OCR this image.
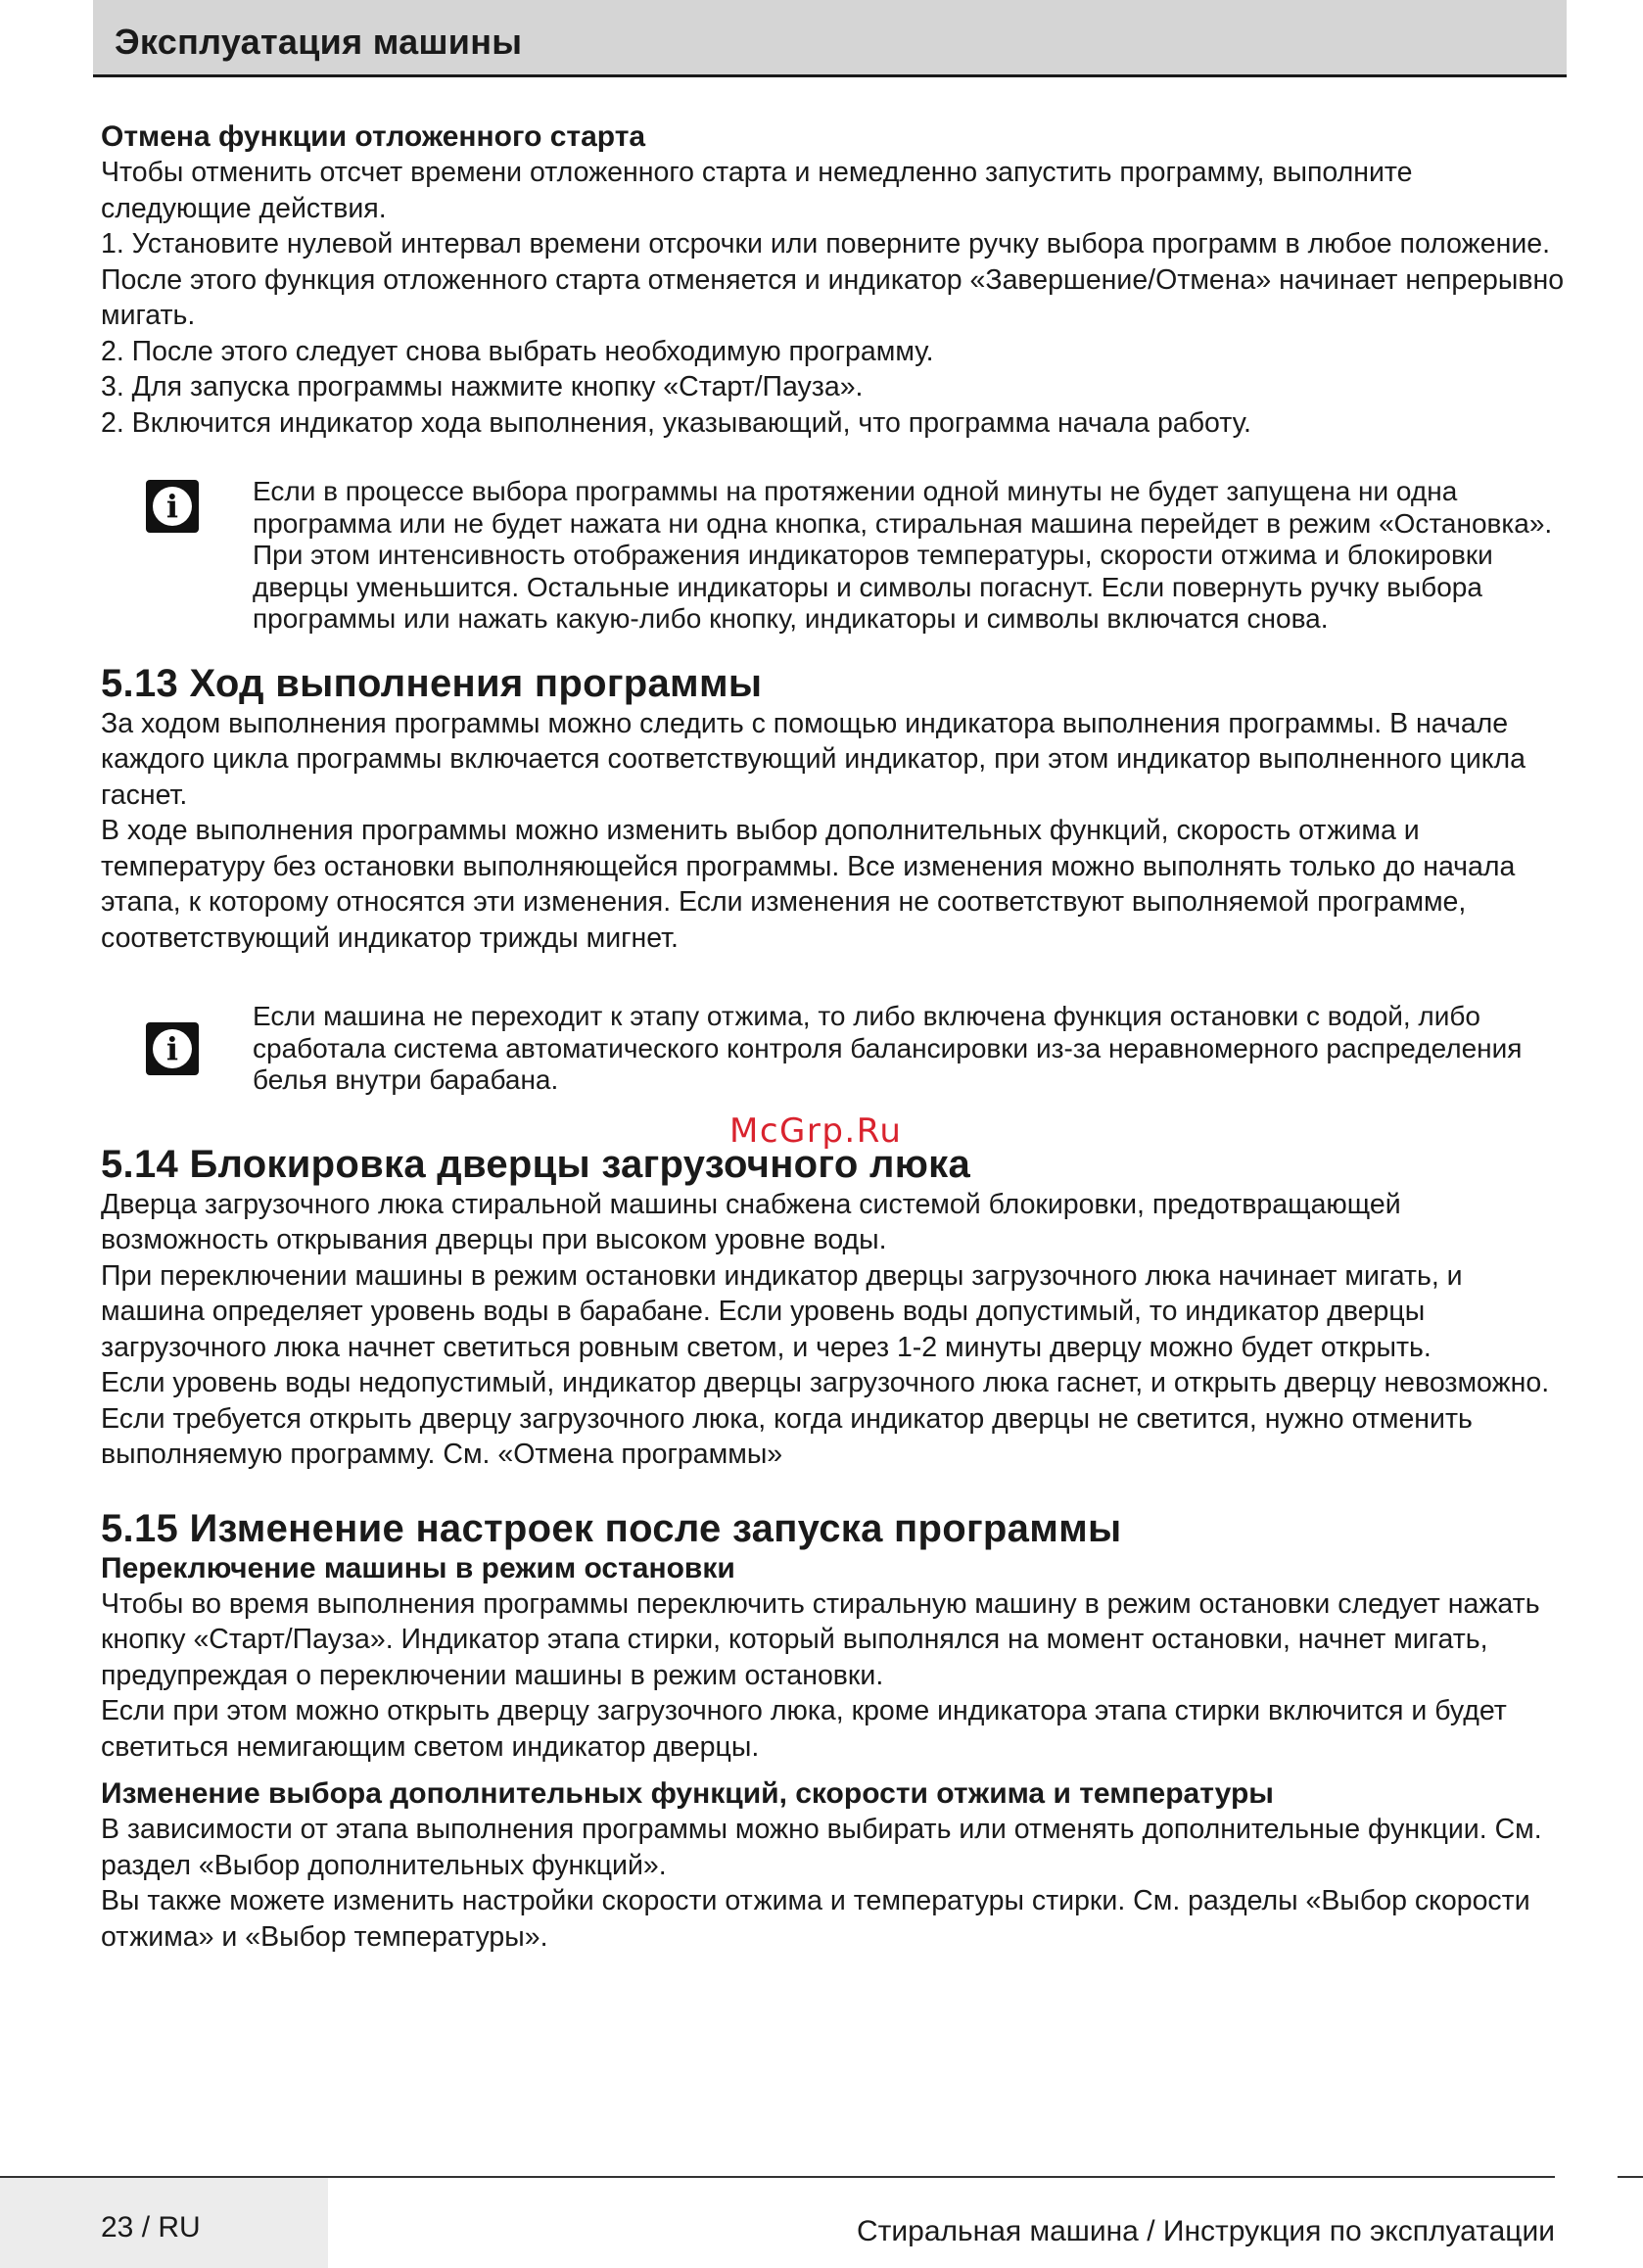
Эксплуатация машины
Отмена функции отложенного старта

Чтобы отменить отсчет времени отложенного старта и немедленно запустить программу, выполните следующие действия.

1. Установите нулевой интервал времени отсрочки или поверните ручку выбора программ в любое положение. После этого функция отложенного старта отменяется и индикатор «Завершение/Отмена» начинает непрерывно мигать.

2. После этого следует снова выбрать необходимую программу.

3. Для запуска программы нажмите кнопку «Старт/Пауза».

2. Включится индикатор хода выполнения, указывающий, что программа начала работу.

i	Если в процессе выбора программы на протяжении одной минуты не будет запущена ни одна программа или не будет нажата ни одна кнопка, стиральная машина перейдет в режим «Остановка». При этом интенсивность отображения индикаторов температуры, скорости отжима и блокировки дверцы уменьшится. Остальные индикаторы и символы погаснут. Если повернуть ручку выбора программы или нажать какую-либо кнопку, индикаторы и символы включатся снова.

5.13 Ход выполнения программы

За ходом выполнения программы можно следить с помощью индикатора выполнения программы. В начале каждого цикла программы включается соответствующий индикатор, при этом индикатор выполненного цикла гаснет.

В ходе выполнения программы можно изменить выбор дополнительных функций, скорость отжима и температуру без остановки выполняющейся программы. Все изменения можно выполнять только до начала этапа, к которому относятся эти изменения. Если изменения не соответствуют выполняемой программе, соответствующий индикатор трижды мигнет.

i

Если машина не переходит к этапу отжима, то либо включена функция остановки с водой, либо сработала система автоматического контроля балансировки из-за неравномерного распределения белья внутри барабана.

5.14 Блокировка дверцы загрузочного люка

Дверца загрузочного люка стиральной машины снабжена системой блокировки, предотвращающей возможность открывания дверцы при высоком уровне воды.

При переключении машины в режим остановки индикатор дверцы загрузочного люка начинает мигать, и машина определяет уровень воды в барабане. Если уровень воды допустимый, то индикатор дверцы загрузочного люка начнет светиться ровным светом, и через 1-2 минуты дверцу можно будет открыть.

Если уровень воды недопустимый, индикатор дверцы загрузочного люка гаснет, и открыть дверцу невозможно. Если требуется открыть дверцу загрузочного люка, когда индикатор дверцы не светится, нужно отменить выполняемую программу. См. «Отмена программы»

5.15 Изменение настроек после запуска программы
Переключение машины в режим остановки

Чтобы во время выполнения программы переключить стиральную машину в режим остановки следует нажать кнопку «Старт/Пауза». Индикатор этапа стирки, который выполнялся на момент остановки, начнет мигать, предупреждая о переключении машины в режим остановки.

Если при этом можно открыть дверцу загрузочного люка, кроме индикатора этапа стирки включится и будет светиться немигающим светом индикатор дверцы.

Изменение выбора дополнительных функций, скорости отжима и температуры

В зависимости от этапа выполнения программы можно выбирать или отменять дополнительные функции. См. раздел «Выбор дополнительных функций».

Вы также можете изменить настройки скорости отжима и температуры стирки. См. разделы «Выбор скорости отжима» и «Выбор температуры».

McGrp.Ru
23 / RU	Стиральная машина / Инструкция по эксплуатации
